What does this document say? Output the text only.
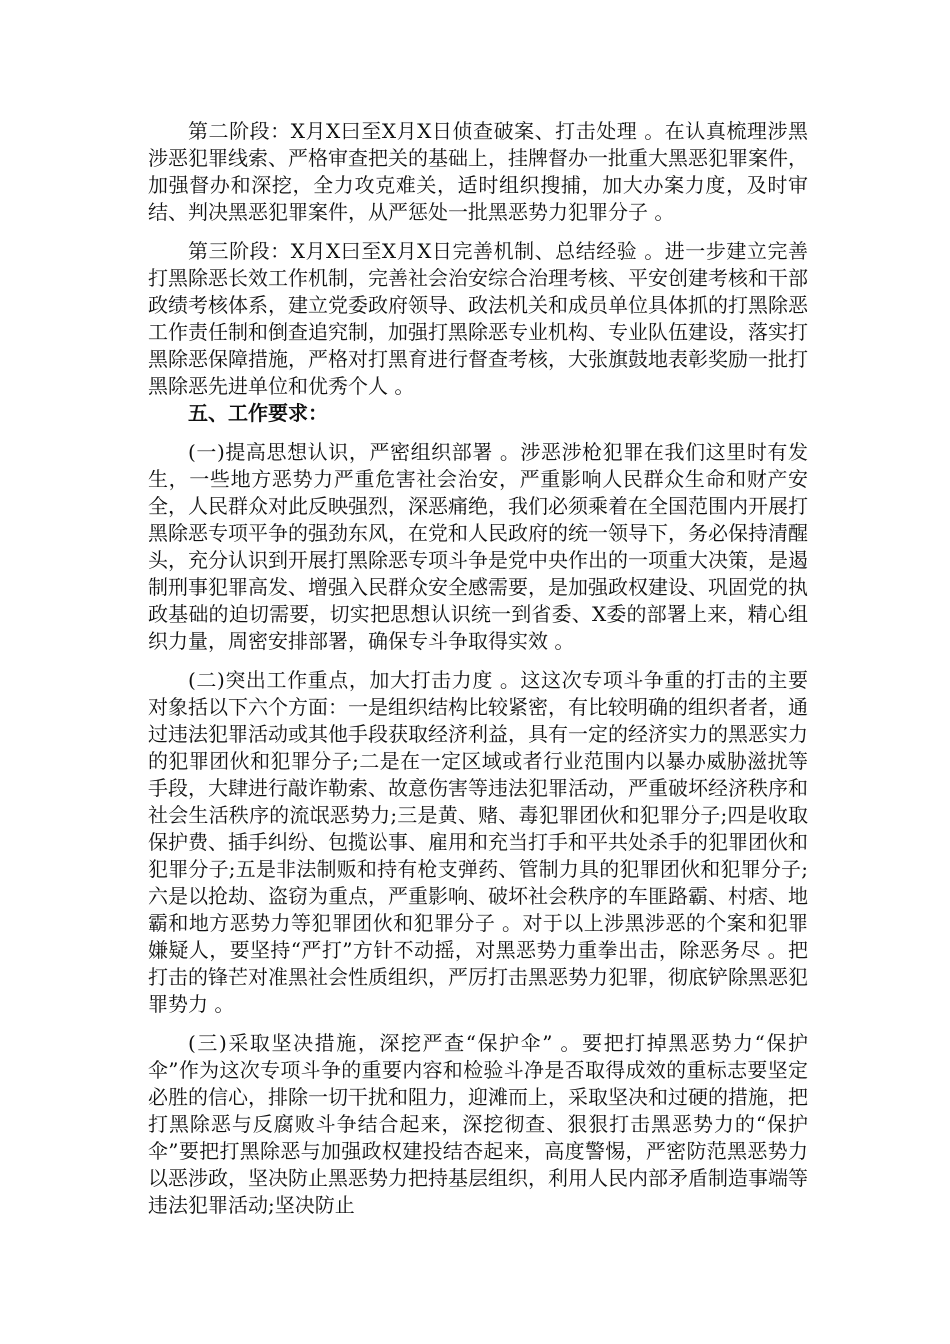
第二阶段：X月X曰至X月X日侦查破案、打击处理 。在认真梳理涉黑涉恶犯罪线索、严格审查把关的基础上，挂牌督办一批重大黑恶犯罪案件，加强督办和深挖，全力攻克难关，适时组织搜捕，加大办案力度，及时审结、判决黑恶犯罪案件，从严惩处一批黑恶势力犯罪分子 。

第三阶段：X月X曰至X月X日完善机制、总结经验 。进一步建立完善打黑除恶长效工作机制，完善社会治安综合治理考核、平安创建考核和干部政绩考核体系，建立党委政府领导、政法机关和成员单位具体抓的打黑除恶工作责任制和倒查追究制，加强打黑除恶专业机构、专业队伍建设，落实打黑除恶保障措施，严格对打黑育进行督查考核，大张旗鼓地表彰奖励一批打黑除恶先进单位和优秀个人 。

五、工作要求：

(一)提高思想认识，严密组织部署 。涉恶涉枪犯罪在我们这里时有发生，一些地方恶势力严重危害社会治安，严重影响人民群众生命和财产安全，人民群众对此反映强烈，深恶痛绝，我们必须乘着在全国范围内开展打黑除恶专项平争的强劲东风，在党和人民政府的统一领导下，务必保持清醒头，充分认识到开展打黑除恶专项斗争是党中央作出的一项重大决策，是遏制刑事犯罪高发、增强入民群众安全感需要，是加强政权建设、巩固党的执政基础的迫切需要，切实把思想认识统一到省委、X委的部署上来，精心组织力量，周密安排部署，确保专斗争取得实效 。

(二)突出工作重点，加大打击力度 。这这次专项斗争重的打击的主要对象括以下六个方面：一是组织结构比较紧密，有比较明确的组织者者，通过违法犯罪活动或其他手段获取经济利益，具有一定的经济实力的黑恶实力的犯罪团伙和犯罪分子;二是在一定区域或者行业范围内以暴办威胁滋扰等手段，大肆进行敲诈勒索、故意伤害等违法犯罪活动，严重破坏经济秩序和社会生活秩序的流氓恶势力;三是黄、赌、毒犯罪团伙和犯罪分子;四是收取保护费、插手纠纷、包揽讼事、雇用和充当打手和平共处杀手的犯罪团伙和犯罪分子;五是非法制贩和持有枪支弹药、管制力具的犯罪团伙和犯罪分子;六是以抢劫、盗窃为重点，严重影响、破坏社会秩序的车匪路霸、村痞、地霸和地方恶势力等犯罪团伙和犯罪分子 。对于以上涉黑涉恶的个案和犯罪嫌疑人，要坚持“严打”方针不动摇，对黑恶势力重拳出击，除恶务尽 。把打击的锋芒对准黑社会性质组织，严厉打击黑恶势力犯罪，彻底铲除黑恶犯罪势力 。

(三)采取坚决措施，深挖严查“保护伞” 。要把打掉黑恶势力“保护伞”作为这次专项斗争的重要内容和检验斗净是否取得成效的重标志要坚定必胜的信心，排除一切干扰和阻力，迎滩而上，采取坚决和过硬的措施，把打黑除恶与反腐败斗争结合起来，深挖彻查、狠狠打击黑恶势力的“保护伞”要把打黑除恶与加强政权建投结杏起来，高度警惕，严密防范黑恶势力以恶涉政，坚决防止黑恶势力把持基层组织，利用人民内部矛盾制造事端等违法犯罪活动;坚决防止
